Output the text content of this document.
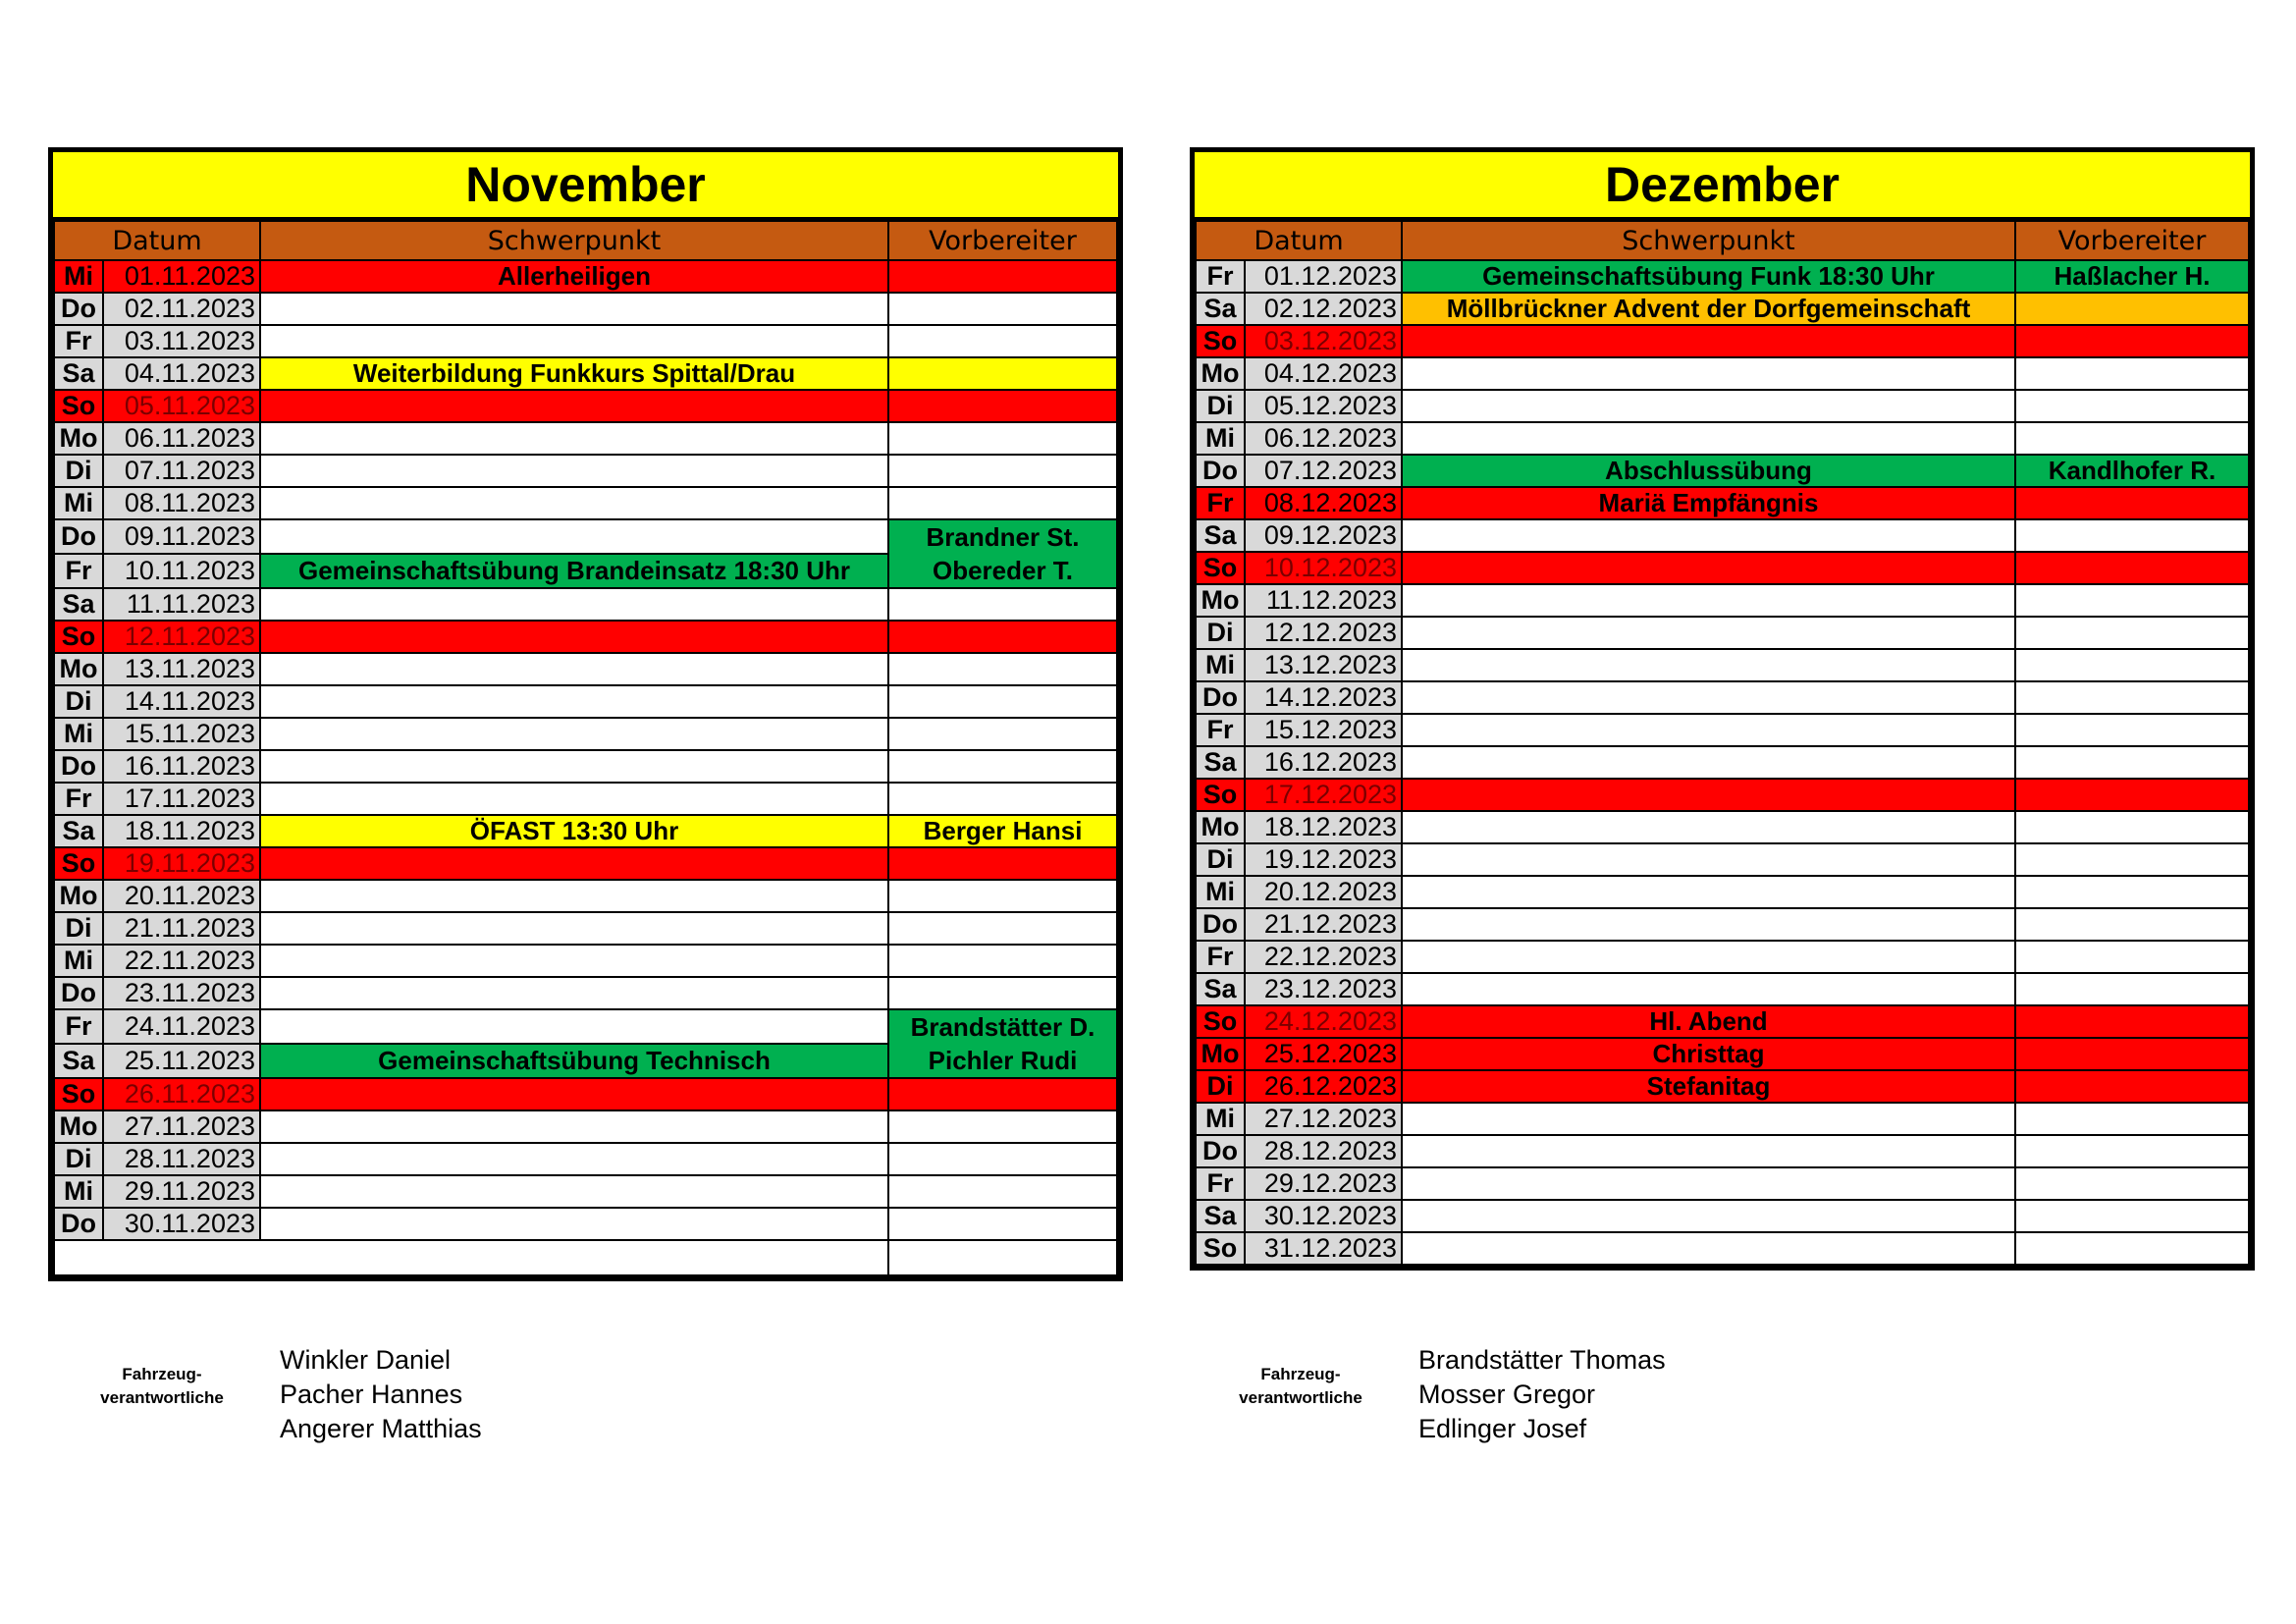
November
Datum		Schwerpunkt	Vorbereiter
Mi	01.11.2023	Allerheiligen	
Do	02.11.2023		
Fr	03.11.2023		
Sa	04.11.2023	Weiterbildung Funkkurs Spittal/Drau	
So	05.11.2023		
Mo	06.11.2023		
Di	07.11.2023		
Mi	08.11.2023		
Do	09.11.2023		Brandner St. Obereder T.
Fr	10.11.2023	Gemeinschaftsübung Brandeinsatz 18:30 Uhr	
Sa	11.11.2023		
So	12.11.2023		
Mo	13.11.2023		
Di	14.11.2023		
Mi	15.11.2023		
Do	16.11.2023		
Fr	17.11.2023		
Sa	18.11.2023	ÖFAST 13:30 Uhr	Berger Hansi
So	19.11.2023		
Mo	20.11.2023		
Di	21.11.2023		
Mi	22.11.2023		
Do	23.11.2023		
Fr	24.11.2023		Brandstätter D. Pichler Rudi
Sa	25.11.2023	Gemeinschaftsübung Technisch	
So	26.11.2023		
Mo	27.11.2023		
Di	28.11.2023		
Mi	29.11.2023		
Do	30.11.2023		

Dezember
Datum		Schwerpunkt	Vorbereiter
Fr	01.12.2023	Gemeinschaftsübung Funk 18:30 Uhr	Haßlacher H.
Sa	02.12.2023	Möllbrückner Advent der Dorfgemeinschaft	
So	03.12.2023		
Mo	04.12.2023		
Di	05.12.2023		
Mi	06.12.2023		
Do	07.12.2023	Abschlussübung	Kandlhofer R.
Fr	08.12.2023	Mariä Empfängnis	
Sa	09.12.2023		
So	10.12.2023		
Mo	11.12.2023		
Di	12.12.2023		
Mi	13.12.2023		
Do	14.12.2023		
Fr	15.12.2023		
Sa	16.12.2023		
So	17.12.2023		
Mo	18.12.2023		
Di	19.12.2023		
Mi	20.12.2023		
Do	21.12.2023		
Fr	22.12.2023		
Sa	23.12.2023		
So	24.12.2023	Hl. Abend	
Mo	25.12.2023	Christtag	
Di	26.12.2023	Stefanitag	
Mi	27.12.2023		
Do	28.12.2023		
Fr	29.12.2023		
Sa	30.12.2023		
So	31.12.2023		
Fahrzeug-
verantwortliche
Winkler Daniel
Pacher Hannes
Angerer Matthias
Fahrzeug-
verantwortliche
Brandstätter Thomas
Mosser Gregor
Edlinger Josef
